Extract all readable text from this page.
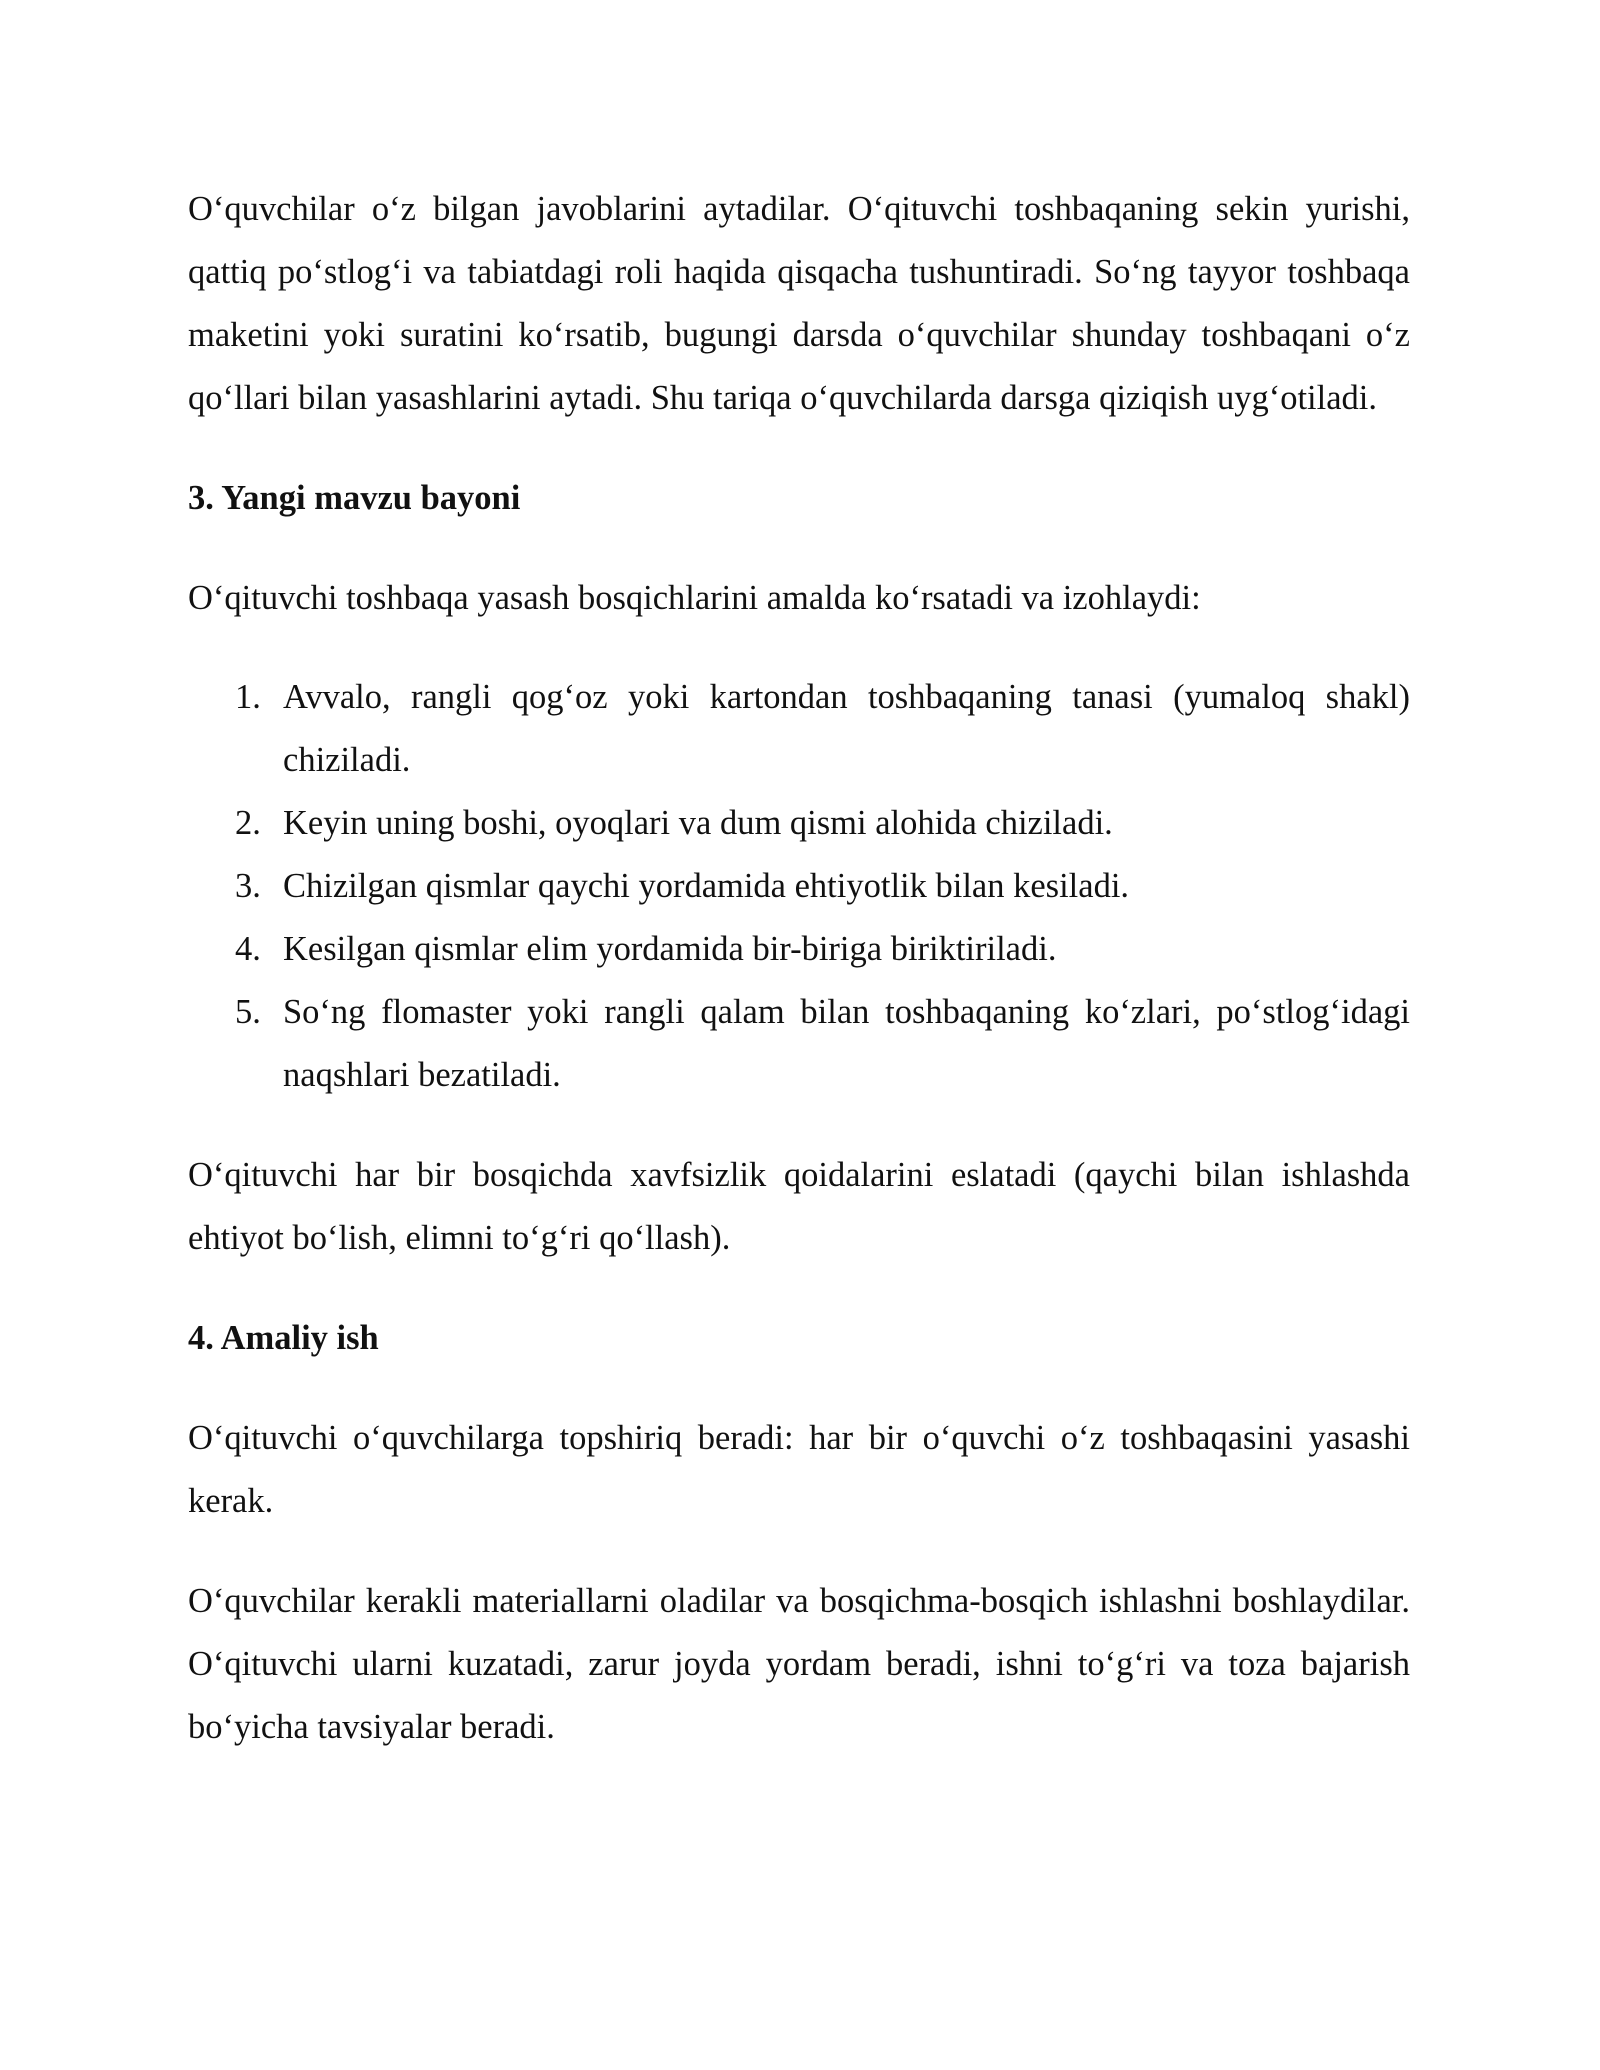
O‘quvchilar o‘z bilgan javoblarini aytadilar. O‘qituvchi toshbaqaning sekin yurishi, qattiq po‘stlog‘i va tabiatdagi roli haqida qisqacha tushuntiradi. So‘ng tayyor toshbaqa maketini yoki suratini ko‘rsatib, bugungi darsda o‘quvchilar shunday toshbaqani o‘z qo‘llari bilan yasashlarini aytadi. Shu tariqa o‘quvchilarda darsga qiziqish uyg‘otiladi.

3. Yangi mavzu bayoni

O‘qituvchi toshbaqa yasash bosqichlarini amalda ko‘rsatadi va izohlaydi:

1. Avvalo, rangli qog‘oz yoki kartondan toshbaqaning tanasi (yumaloq shakl) chiziladi.
2. Keyin uning boshi, oyoqlari va dum qismi alohida chiziladi.
3. Chizilgan qismlar qaychi yordamida ehtiyotlik bilan kesiladi.
4. Kesilgan qismlar elim yordamida bir-biriga biriktiriladi.
5. So‘ng flomaster yoki rangli qalam bilan toshbaqaning ko‘zlari, po‘stlog‘idagi naqshlari bezatiladi.

O‘qituvchi har bir bosqichda xavfsizlik qoidalarini eslatadi (qaychi bilan ishlashda ehtiyot bo‘lish, elimni to‘g‘ri qo‘llash).

4. Amaliy ish

O‘qituvchi o‘quvchilarga topshiriq beradi: har bir o‘quvchi o‘z toshbaqasini yasashi kerak.

O‘quvchilar kerakli materiallarni oladilar va bosqichma-bosqich ishlashni boshlaydilar. O‘qituvchi ularni kuzatadi, zarur joyda yordam beradi, ishni to‘g‘ri va toza bajarish bo‘yicha tavsiyalar beradi.
